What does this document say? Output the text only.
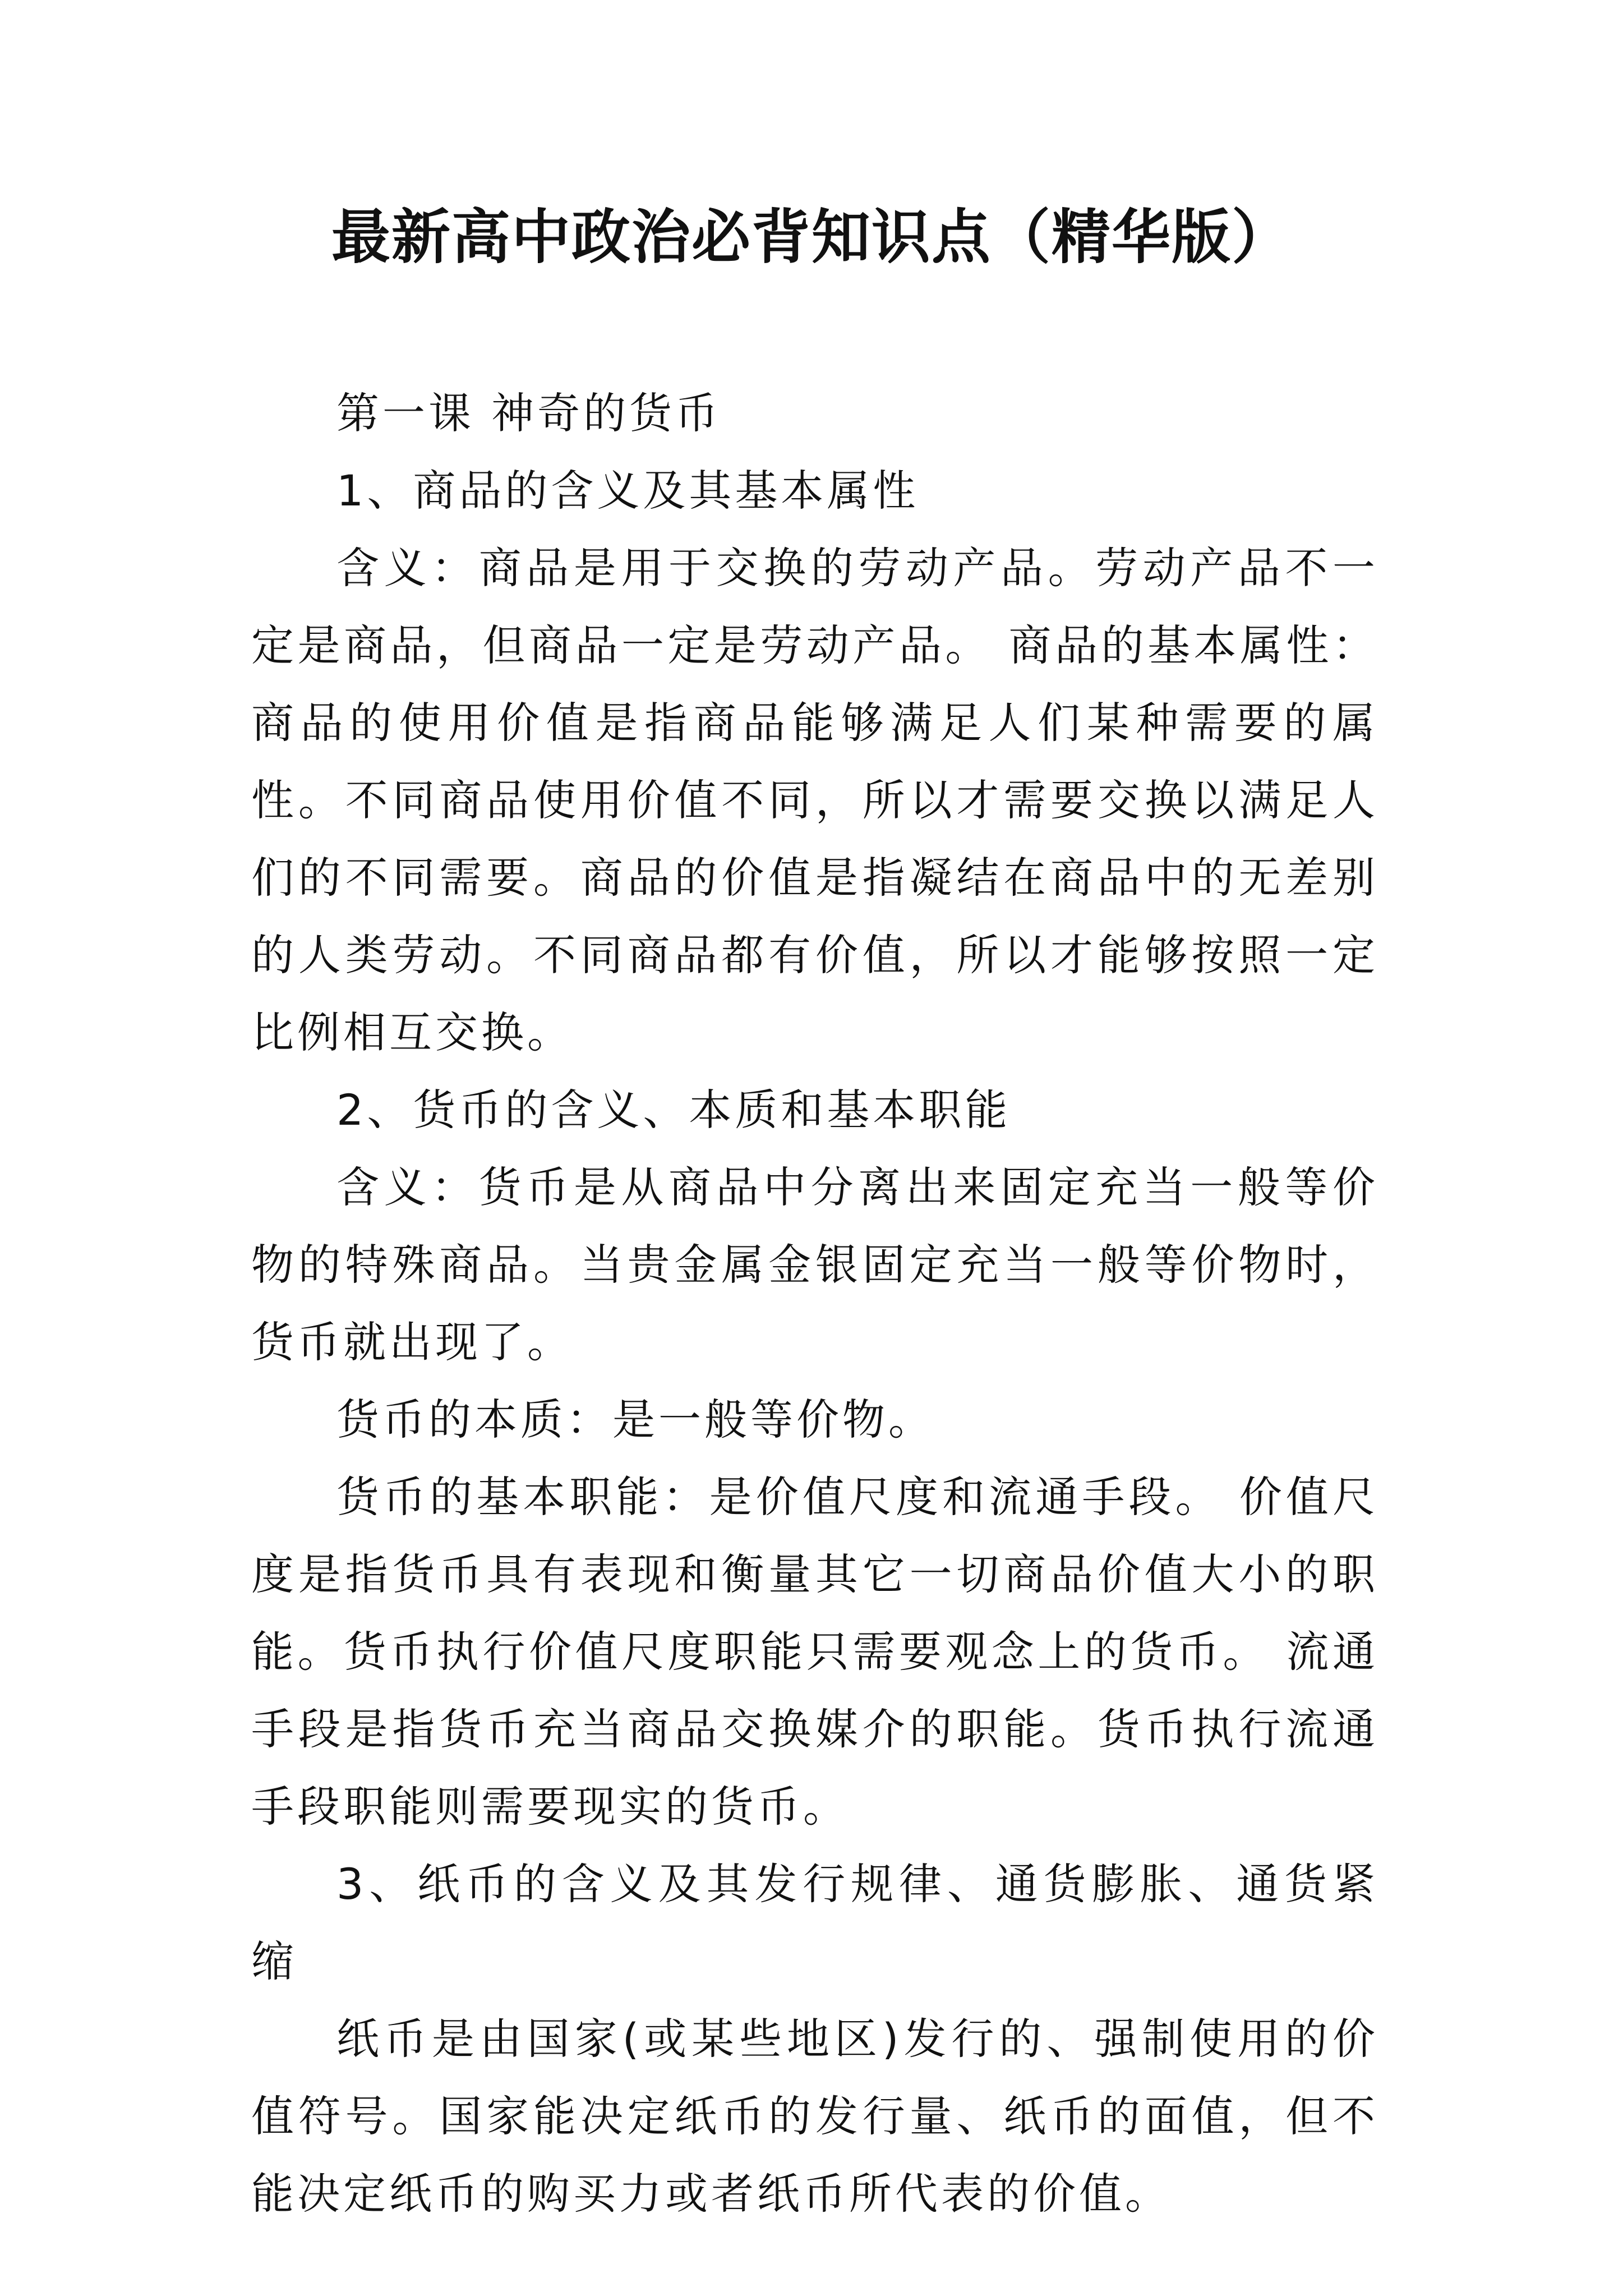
最新高中政治必背知识点（精华版）

第一课 神奇的货币

1、商品的含义及其基本属性

含义：商品是用于交换的劳动产品。劳动产品不一定是商品，但商品一定是劳动产品。 商品的基本属性：商品的使用价值是指商品能够满足人们某种需要的属性。不同商品使用价值不同，所以才需要交换以满足人们的不同需要。商品的价值是指凝结在商品中的无差别的人类劳动。不同商品都有价值，所以才能够按照一定比例相互交换。

2、货币的含义、本质和基本职能

含义：货币是从商品中分离出来固定充当一般等价物的特殊商品。当贵金属金银固定充当一般等价物时，货币就出现了。

货币的本质：是一般等价物。

货币的基本职能：是价值尺度和流通手段。 价值尺度是指货币具有表现和衡量其它一切商品价值大小的职能。货币执行价值尺度职能只需要观念上的货币。 流通手段是指货币充当商品交换媒介的职能。货币执行流通手段职能则需要现实的货币。

3、纸币的含义及其发行规律、通货膨胀、通货紧缩

纸币是由国家(或某些地区)发行的、强制使用的价值符号。国家能决定纸币的发行量、纸币的面值，但不能决定纸币的购买力或者纸币所代表的价值。
